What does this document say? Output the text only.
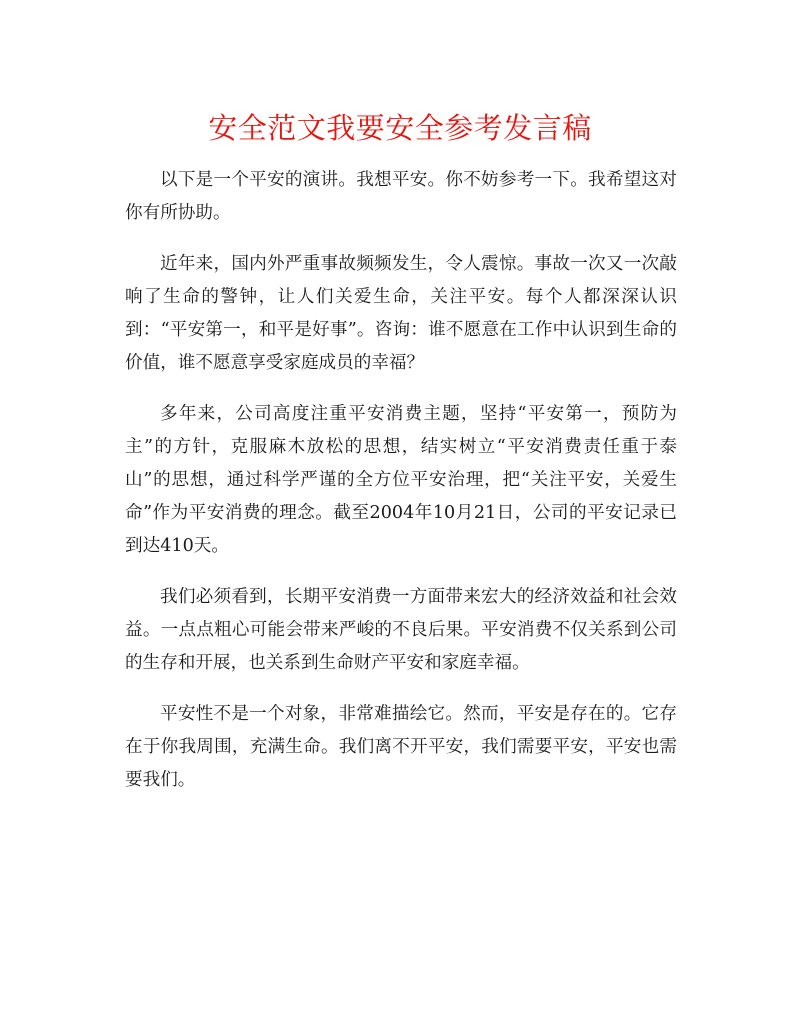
安全范文我要安全参考发言稿

以下是一个平安的演讲。我想平安。你不妨参考一下。我希望这对你有所协助。

近年来，国内外严重事故频频发生，令人震惊。事故一次又一次敲响了生命的警钟，让人们关爱生命，关注平安。每个人都深深认识到：“平安第一，和平是好事”。咨询：谁不愿意在工作中认识到生命的价值，谁不愿意享受家庭成员的幸福？

多年来，公司高度注重平安消费主题，坚持“平安第一，预防为主”的方针，克服麻木放松的思想，结实树立“平安消费责任重于泰山”的思想，通过科学严谨的全方位平安治理，把“关注平安，关爱生命”作为平安消费的理念。截至2004年10月21日，公司的平安记录已到达410天。

我们必须看到，长期平安消费一方面带来宏大的经济效益和社会效益。一点点粗心可能会带来严峻的不良后果。平安消费不仅关系到公司的生存和开展，也关系到生命财产平安和家庭幸福。

平安性不是一个对象，非常难描绘它。然而，平安是存在的。它存在于你我周围，充满生命。我们离不开平安，我们需要平安，平安也需要我们。
